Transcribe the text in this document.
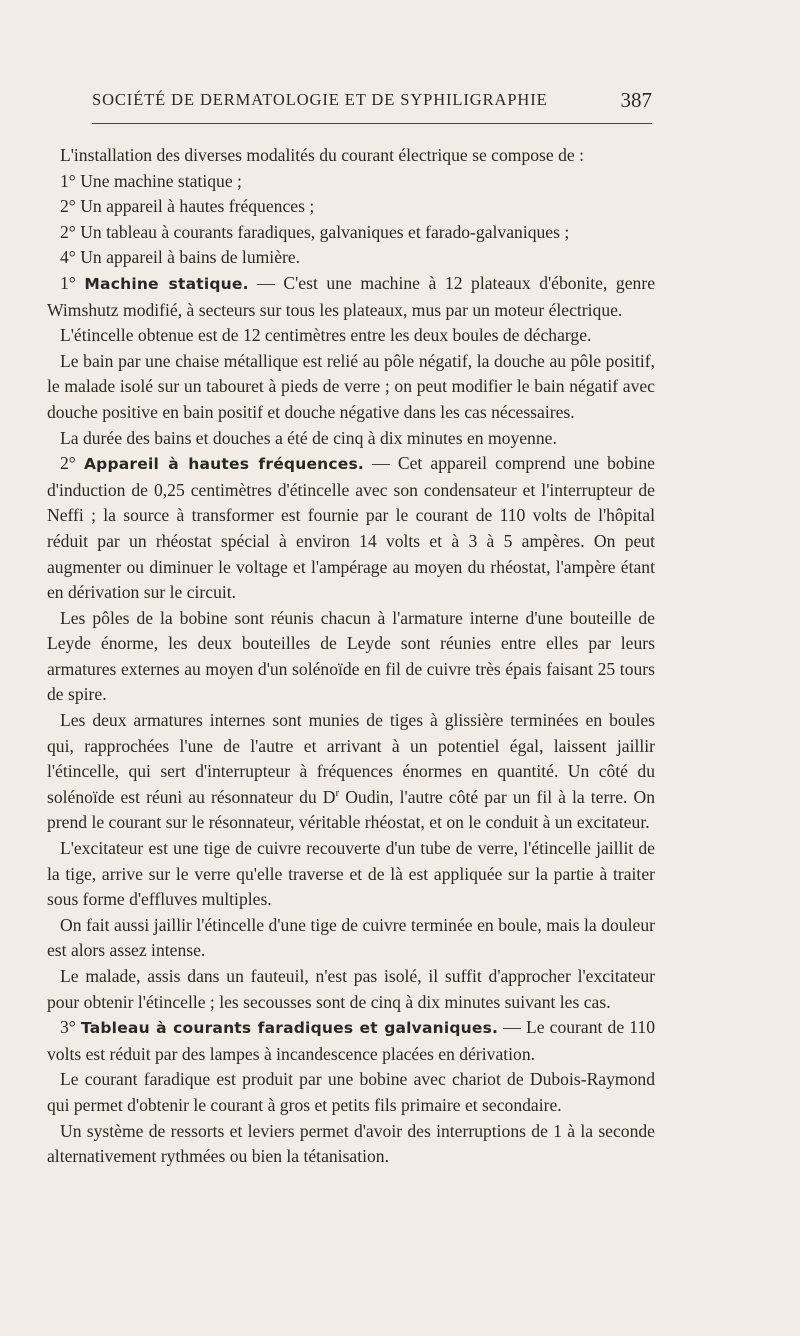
SOCIÉTÉ DE DERMATOLOGIE ET DE SYPHILIGRAPHIE	387

L'installation des diverses modalités du courant électrique se compose de :

1° Une machine statique ;

2° Un appareil à hautes fréquences ;

2° Un tableau à courants faradiques, galvaniques et farado-galvaniques ;

4° Un appareil à bains de lumière.

1° Machine statique. — C'est une machine à 12 plateaux d'ébonite, genre Wimshutz modifié, à secteurs sur tous les plateaux, mus par un moteur électrique.

L'étincelle obtenue est de 12 centimètres entre les deux boules de décharge.

Le bain par une chaise métallique est relié au pôle négatif, la douche au pôle positif, le malade isolé sur un tabouret à pieds de verre ; on peut modifier le bain négatif avec douche positive en bain positif et douche négative dans les cas nécessaires.

La durée des bains et douches a été de cinq à dix minutes en moyenne.

2° Appareil à hautes fréquences. — Cet appareil comprend une bobine d'induction de 0,25 centimètres d'étincelle avec son condensateur et l'interrupteur de Neffi ; la source à transformer est fournie par le courant de 110 volts de l'hôpital réduit par un rhéostat spécial à environ 14 volts et à 3 à 5 ampères. On peut augmenter ou diminuer le voltage et l'ampérage au moyen du rhéostat, l'ampère étant en dérivation sur le circuit.

Les pôles de la bobine sont réunis chacun à l'armature interne d'une bouteille de Leyde énorme, les deux bouteilles de Leyde sont réunies entre elles par leurs armatures externes au moyen d'un solénoïde en fil de cuivre très épais faisant 25 tours de spire.

Les deux armatures internes sont munies de tiges à glissière terminées en boules qui, rapprochées l'une de l'autre et arrivant à un potentiel égal, laissent jaillir l'étincelle, qui sert d'interrupteur à fréquences énormes en quantité. Un côté du solénoïde est réuni au résonnateur du $D^r$ Oudin, l'autre côté par un fil à la terre. On prend le courant sur le résonnateur, véritable rhéostat, et on le conduit à un excitateur.

L'excitateur est une tige de cuivre recouverte d'un tube de verre, l'étincelle jaillit de la tige, arrive sur le verre qu'elle traverse et de là est appliquée sur la partie à traiter sous forme d'effluves multiples.

On fait aussi jaillir l'étincelle d'une tige de cuivre terminée en boule, mais la douleur est alors assez intense.

Le malade, assis dans un fauteuil, n'est pas isolé, il suffit d'approcher l'excitateur pour obtenir l'étincelle ; les secousses sont de cinq à dix minutes suivant les cas.

3° Tableau à courants faradiques et galvaniques. — Le courant de 110 volts est réduit par des lampes à incandescence placées en dérivation.

Le courant faradique est produit par une bobine avec chariot de Dubois-Raymond qui permet d'obtenir le courant à gros et petits fils primaire et secondaire.

Un système de ressorts et leviers permet d'avoir des interruptions de 1 à la seconde alternativement rythmées ou bien la tétanisation.
